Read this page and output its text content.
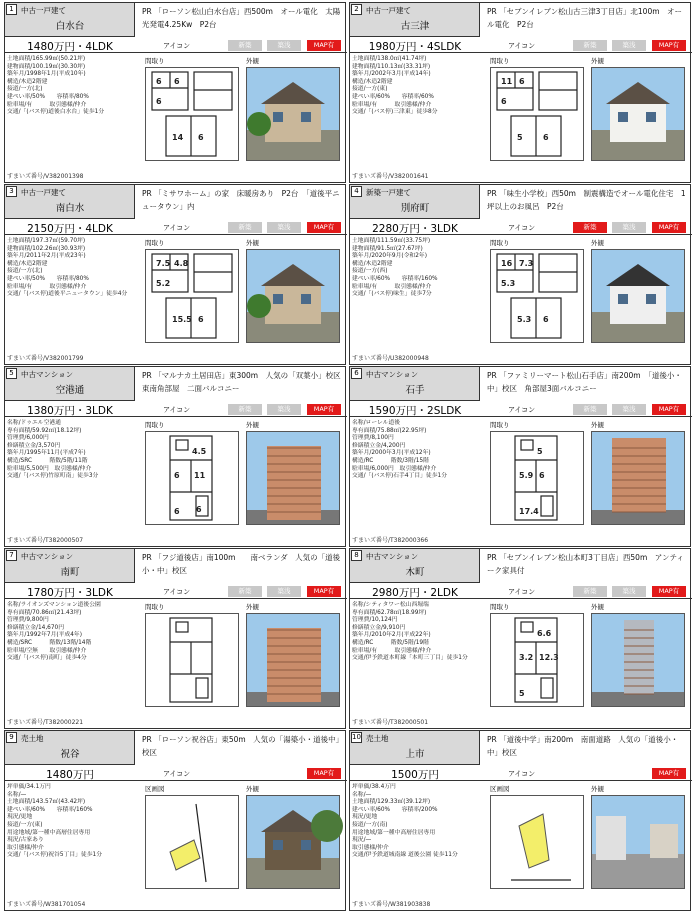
1 中古一戸建て
白水台
PR 「ローソン松山白水台店」西500m　オール電化　太陽光発電4.25Kw　P2台
1480万円・4LDK	アイコン	新築	築浅	MAP有
土地面積/165.99㎡(50.21坪)
建物面積/100.19㎡(30.30坪)
築年月/1998年1月(平成10年)
構造/木造2階建
接道/一方(北)
建ぺい率/50%　　容積率/80%
駐車場/有　　　取引態様/仲介
交通/「(バス停)道後白水台」徒歩1分
間取り	外観
6 6
6
14 6
すまいズ番号/V382001398
2 中古一戸建て
古三津
PR 「セブンイレブン松山古三津3丁目店」北100m　オール電化　P2台
1980万円・4SLDK	アイコン	新築	築浅	MAP有
土地面積/138.0㎡(41.74坪)
建物面積/110.13㎡(33.31坪)
築年月/2002年3月(平成14年)
構造/木造2階建
接道/一方(東)
建ぺい率/60%　　容積率/60%
駐車場/有　　　取引態様/仲介
交通/「(バス停)三津東」徒歩8分
間取り	外観
11 6
6
5	6
すまいズ番号/V382001641
3 中古一戸建て
南白水
PR 「ミサワホーム」の家　床暖房あり　P2台　「道後平ニュータウン」内
2150万円・4LDK	アイコン	新築	築浅	MAP有
土地面積/197.37㎡(59.70坪)
建物面積/102.26㎡(30.93坪)
築年月/2011年2月(平成23年)
構造/木造2階建
接道/一方(北)
建ぺい率/50%　　容積率/80%
駐車場/有　　　取引態様/仲介
交通/「(バス停)道後平ニュータウン」徒歩4分
間取り	外観
7.5 4.8
5.2
15.5 6
すまいズ番号/V382001799
4 新築一戸建て
別府町
PR 「味生小学校」西50m　制震構造でオール電化住宅　1坪以上のお風呂　P2台
2280万円・3LDK	アイコン	新築	築浅	MAP有
土地面積/111.59㎡(33.75坪)
建物面積/91.5㎡(27.67坪)
築年月/2020年9月(令和2年)
構造/木造2階建
接道/一方(西)
建ぺい率/60%　　容積率/160%
駐車場/有　　　取引態様/仲介
交通/「(バス停)味生」徒歩7分
間取り	外観
16 7.3
5.3
5.3 6
すまいズ番号/U382000948
5 中古マンション
空港通
PR 「マルナカ土居田店」東300m　人気の「双葉小」校区　東南角部屋　二面バルコニー
1380万円・3LDK	アイコン	新築	築浅	MAP有
名称/ドゥエル空港通
専有面積/59.92㎡(18.12坪)
管理費/6,000円
修繕積立金/3,570円
築年月/1995年11月(平成7年)
構造/SRC　　　階数/5階/11階
駐車場/5,500円　取引態様/仲介
交通/「(バス停)竹原町南」徒歩3分
間取り	外観
4.5
6 11
6 6
すまいズ番号/T382000507
6 中古マンション
石手
PR 「ファミリーマート松山石手店」南200m　「道後小・中」校区　角部屋3面バルコニー
1590万円・2SLDK	アイコン	新築	築浅	MAP有
名称/ローレル道後
専有面積/75.88㎡(22.95坪)
管理費/8,100円
修繕積立金/4,200円
築年月/2000年3月(平成12年)
構造/RC　　　階数/3階/15階
駐車場/6,000円　取引態様/仲介
交通/「(バス停)石手4丁目」徒歩1分
間取り	外観
5
5.9 6
17.4
すまいズ番号/T382000366
7 中古マンション
南町
PR 「フジ道後店」南100m　　南ベランダ　人気の「道後小・中」校区
1780万円・3LDK	アイコン	新築	築浅	MAP有
名称/ライオンズマンション道後公園
専有面積/70.86㎡(21.43坪)
管理費/9,800円
修繕積立金/14,670円
築年月/1992年7月(平成4年)
構造/SRC　　　階数/13階/14階
駐車場/空無　　取引態様/仲介
交通/「(バス停)南町」徒歩4分
間取り	外観
すまいズ番号/T382000221
8 中古マンション
木町
PR 「セブンイレブン松山本町3丁目店」西50m　アンティーク家具付
2980万円・2LDK	アイコン	新築	築浅	MAP有
名称/シティタワー松山西堀端
専有面積/62.78㎡(18.99坪)
管理費/10,124円
修繕積立金/9,910円
築年月/2010年2月(平成22年)
構造/RC　　　階数/5階/19階
駐車場/有　　　取引態様/仲介
交通/伊予鉄道本町線「本町三丁目」徒歩1分
間取り	外観
6.6
3.2 12.3
5
すまいズ番号/T382000501
9 売土地
祝谷
PR 「ローソン祝谷店」東50m　人気の「湯築小・道後中」校区
1480万円	アイコン	MAP有
坪単価/34.1万円
名称/—
土地面積/143.57㎡(43.42坪)
建ぺい率/60%　　容積率/160%
現況/更地
接道/一方(東)
用途地域/第一種中高層住居専用
現況/古家あり
取引態様/仲介
交通/「(バス停)祝谷5丁目」徒歩1分
区画図	外観
すまいズ番号/W381701054
10 売土地
上市
PR 「道後中学」南200m　南面道路　人気の「道後小・中」校区
1500万円	アイコン	MAP有
坪単価/38.4万円
名称/—
土地面積/129.33㎡(39.12坪)
建ぺい率/60%　　容積率/200%
現況/更地
接道/一方(南)
用途地域/第一種中高層住居専用
現況/—
取引態様/仲介
交通/伊予鉄道城南線 道後公園 徒歩11分
区画図	外観
すまいズ番号/W381903838
